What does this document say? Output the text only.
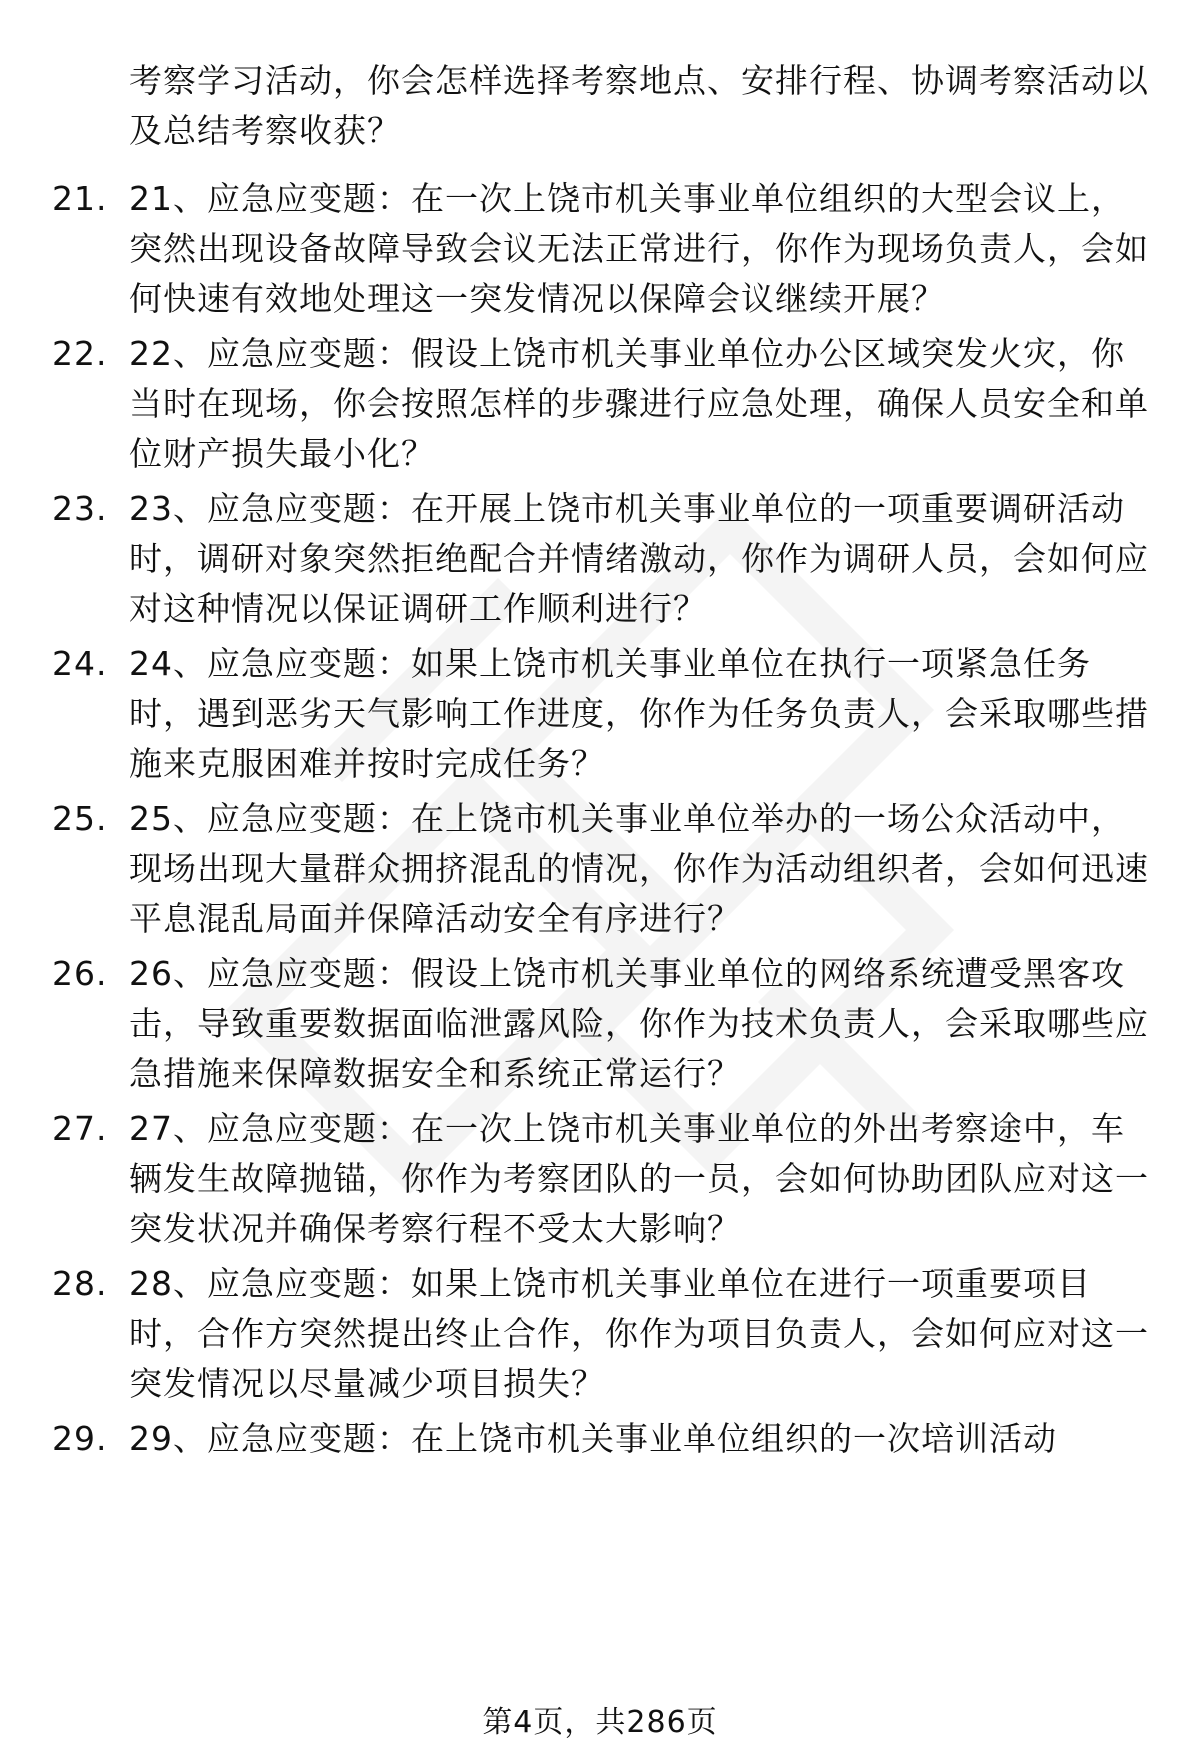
考察学习活动，你会怎样选择考察地点、安排行程、协调考察活动以及总结考察收获？
21. 21、应急应变题：在一次上饶市机关事业单位组织的大型会议上，突然出现设备故障导致会议无法正常进行，你作为现场负责人，会如何快速有效地处理这一突发情况以保障会议继续开展？
22. 22、应急应变题：假设上饶市机关事业单位办公区域突发火灾，你当时在现场，你会按照怎样的步骤进行应急处理，确保人员安全和单位财产损失最小化？
23. 23、应急应变题：在开展上饶市机关事业单位的一项重要调研活动时，调研对象突然拒绝配合并情绪激动，你作为调研人员，会如何应对这种情况以保证调研工作顺利进行？
24. 24、应急应变题：如果上饶市机关事业单位在执行一项紧急任务时，遇到恶劣天气影响工作进度，你作为任务负责人，会采取哪些措施来克服困难并按时完成任务？
25. 25、应急应变题：在上饶市机关事业单位举办的一场公众活动中，现场出现大量群众拥挤混乱的情况，你作为活动组织者，会如何迅速平息混乱局面并保障活动安全有序进行？
26. 26、应急应变题：假设上饶市机关事业单位的网络系统遭受黑客攻击，导致重要数据面临泄露风险，你作为技术负责人，会采取哪些应急措施来保障数据安全和系统正常运行？
27. 27、应急应变题：在一次上饶市机关事业单位的外出考察途中，车辆发生故障抛锚，你作为考察团队的一员，会如何协助团队应对这一突发状况并确保考察行程不受太大影响？
28. 28、应急应变题：如果上饶市机关事业单位在进行一项重要项目时，合作方突然提出终止合作，你作为项目负责人，会如何应对这一突发情况以尽量减少项目损失？
29. 29、应急应变题：在上饶市机关事业单位组织的一次培训活动
第4页，共286页
